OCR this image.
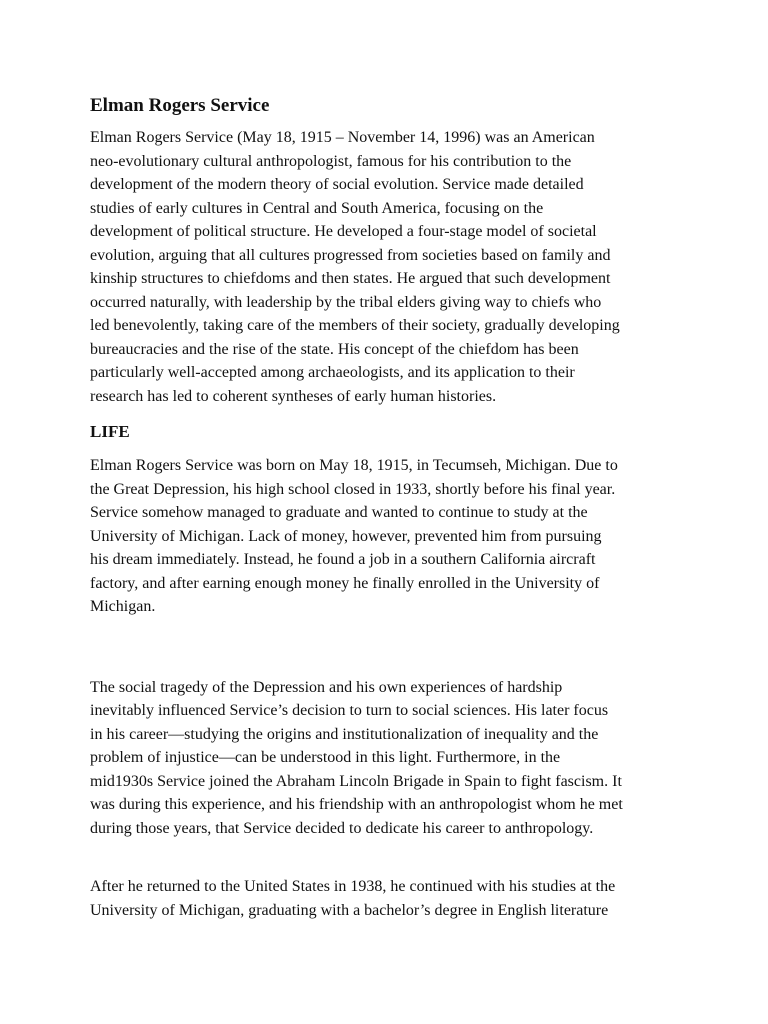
Elman Rogers Service

Elman Rogers Service (May 18, 1915 – November 14, 1996) was an American
neo-evolutionary cultural anthropologist, famous for his contribution to the
development of the modern theory of social evolution. Service made detailed
studies of early cultures in Central and South America, focusing on the
development of political structure. He developed a four-stage model of societal
evolution, arguing that all cultures progressed from societies based on family and
kinship structures to chiefdoms and then states. He argued that such development
occurred naturally, with leadership by the tribal elders giving way to chiefs who
led benevolently, taking care of the members of their society, gradually developing
bureaucracies and the rise of the state. His concept of the chiefdom has been
particularly well-accepted among archaeologists, and its application to their
research has led to coherent syntheses of early human histories.

LIFE

Elman Rogers Service was born on May 18, 1915, in Tecumseh, Michigan. Due to
the Great Depression, his high school closed in 1933, shortly before his final year.
Service somehow managed to graduate and wanted to continue to study at the
University of Michigan. Lack of money, however, prevented him from pursuing
his dream immediately. Instead, he found a job in a southern California aircraft
factory, and after earning enough money he finally enrolled in the University of
Michigan.

The social tragedy of the Depression and his own experiences of hardship
inevitably influenced Service’s decision to turn to social sciences. His later focus
in his career—studying the origins and institutionalization of inequality and the
problem of injustice—can be understood in this light. Furthermore, in the
mid1930s Service joined the Abraham Lincoln Brigade in Spain to fight fascism. It
was during this experience, and his friendship with an anthropologist whom he met
during those years, that Service decided to dedicate his career to anthropology.

After he returned to the United States in 1938, he continued with his studies at the
University of Michigan, graduating with a bachelor’s degree in English literature
